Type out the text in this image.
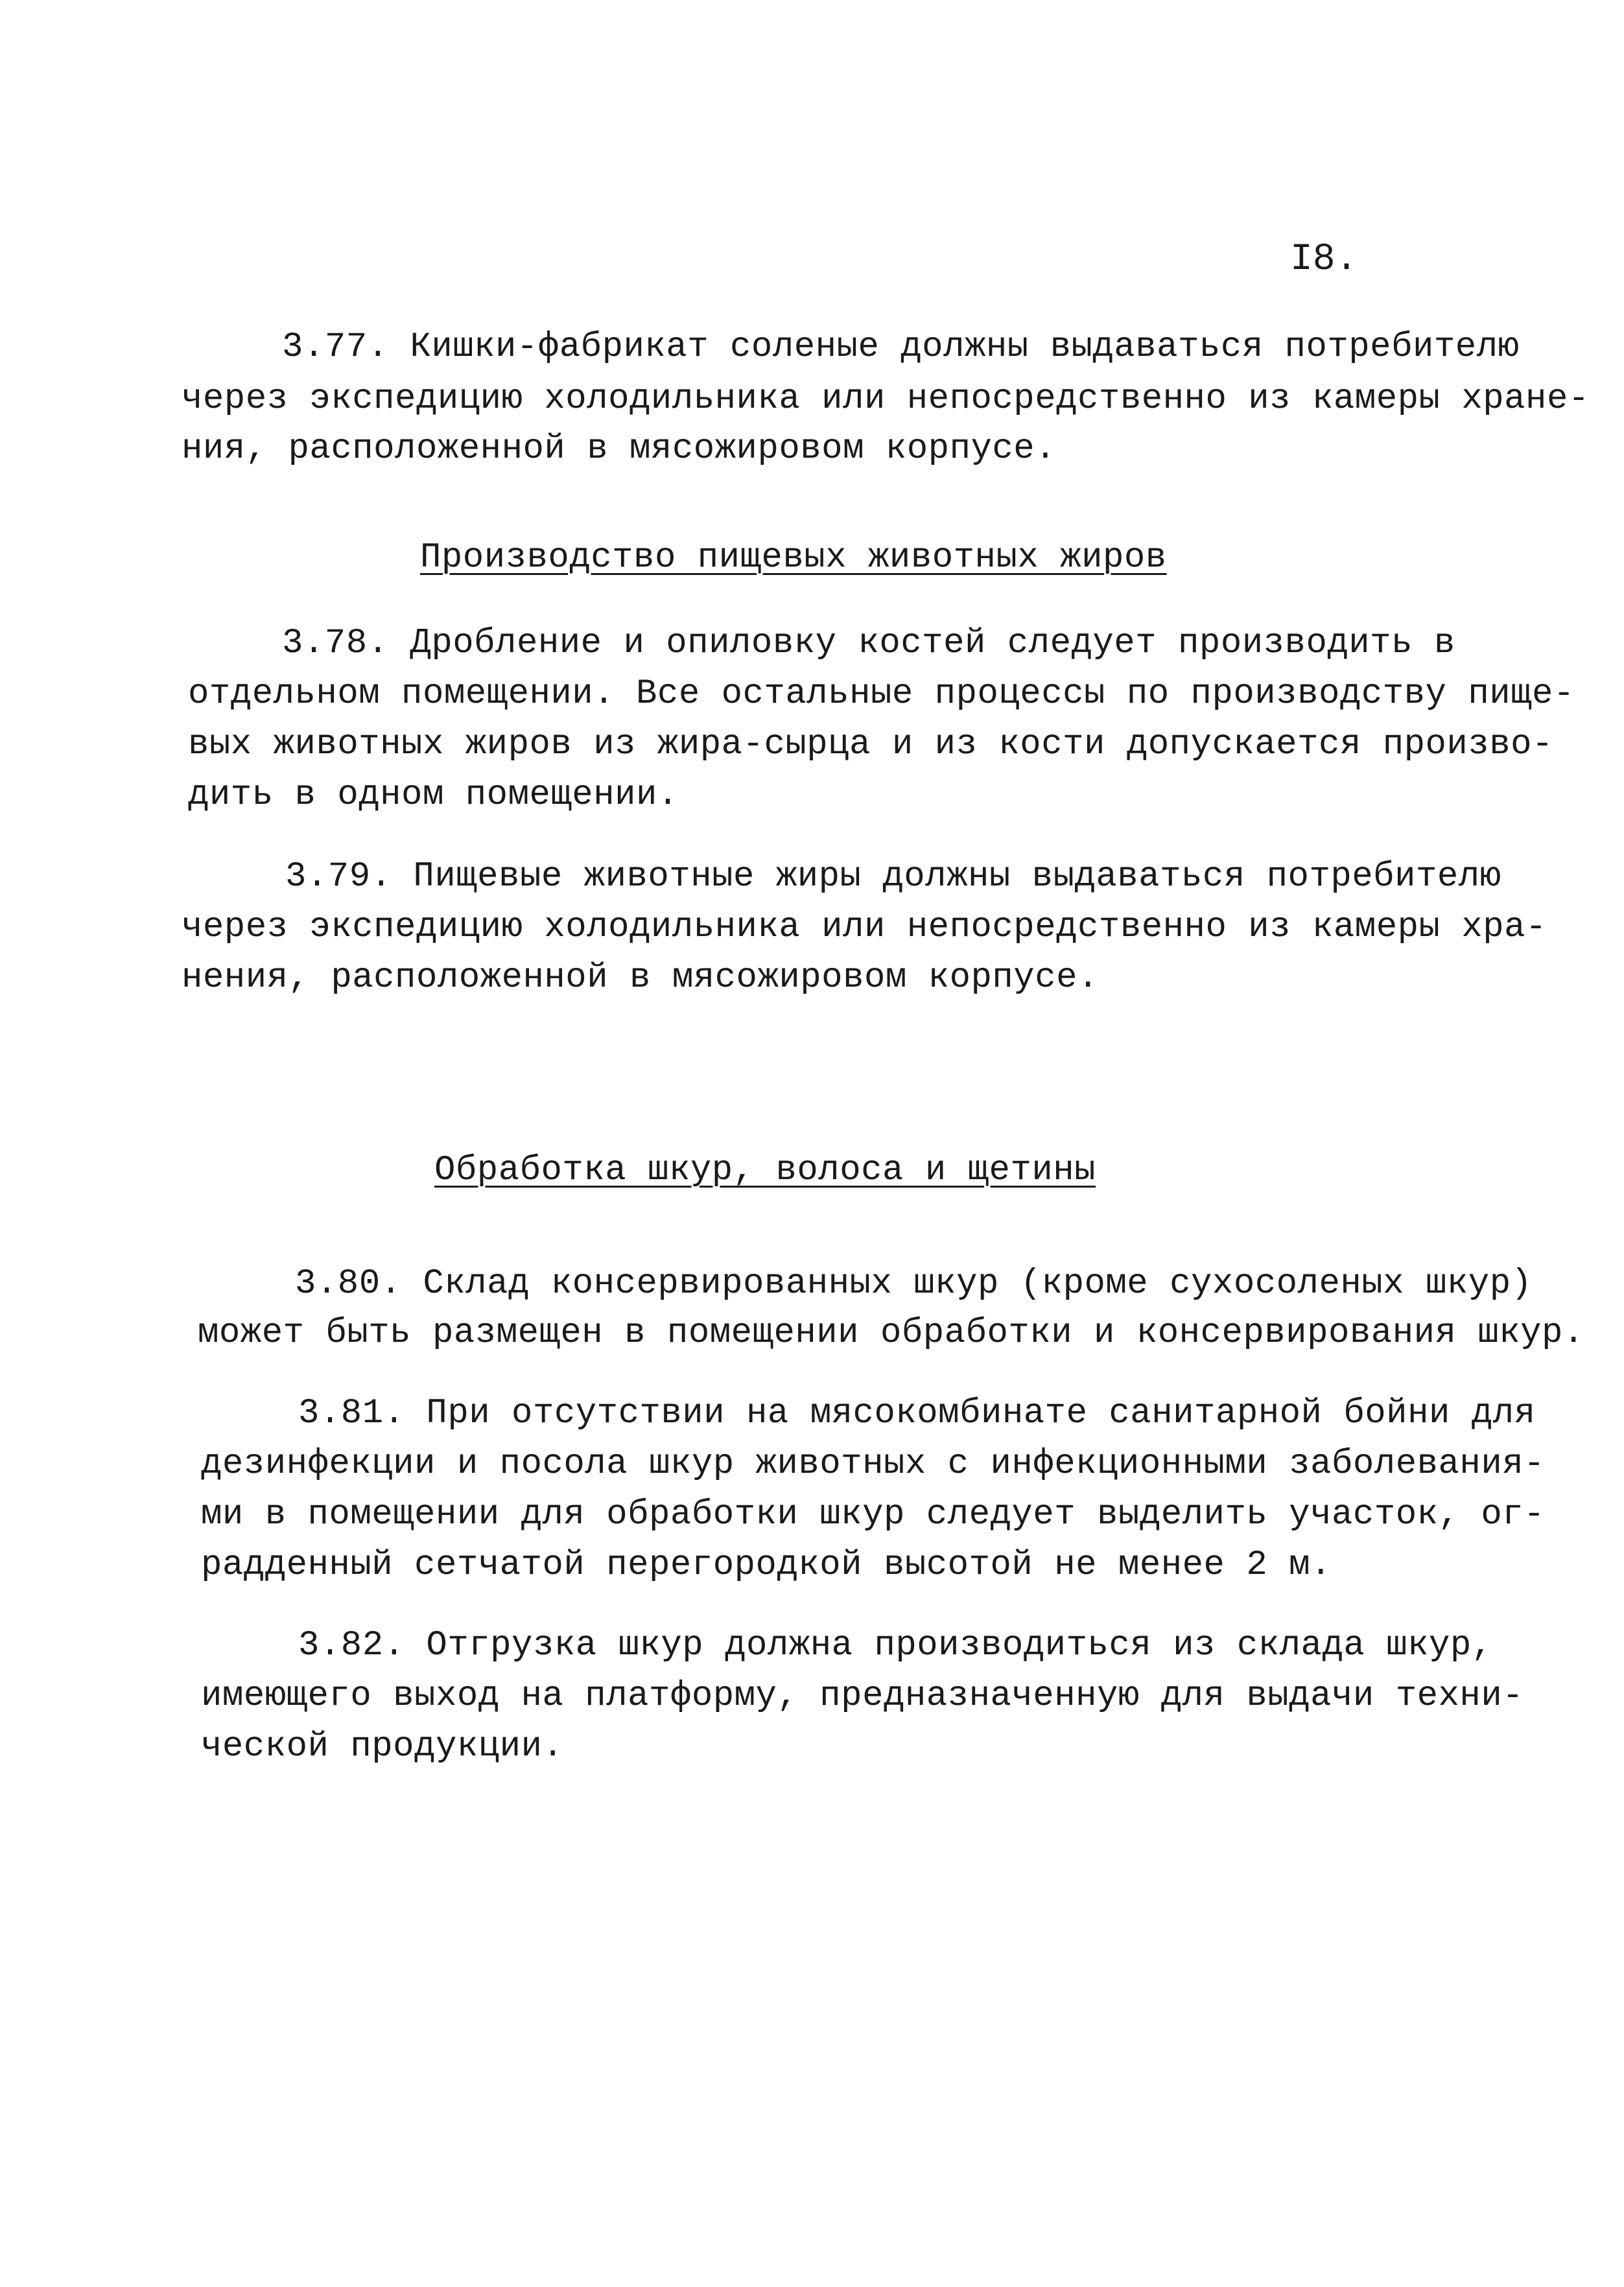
I8.
3.77. Кишки-фабрикат соленые должны выдаваться потребителю
через экспедицию холодильника или непосредственно из камеры хране-
ния, расположенной в мясожировом корпусе.
Производство пищевых животных жиров
3.78. Дробление и опиловку костей следует производить в
отдельном помещении. Все остальные процессы по производству пище-
вых животных жиров из жира-сырца и из кости допускается произво-
дить в одном помещении.
3.79. Пищевые животные жиры должны выдаваться потребителю
через экспедицию холодильника или непосредственно из камеры хра-
нения, расположенной в мясожировом корпусе.
Обработка шкур, волоса и щетины
3.80. Склад консервированных шкур (кроме сухосоленых шкур)
может быть размещен в помещении обработки и консервирования шкур.
3.81. При отсутствии на мясокомбинате санитарной бойни для
дезинфекции и посола шкур животных с инфекционными заболевания-
ми в помещении для обработки шкур следует выделить участок, ог-
радденный сетчатой перегородкой высотой не менее 2 м.
3.82. Отгрузка шкур должна производиться из склада шкур,
имеющего выход на платформу, предназначенную для выдачи техни-
ческой продукции.
